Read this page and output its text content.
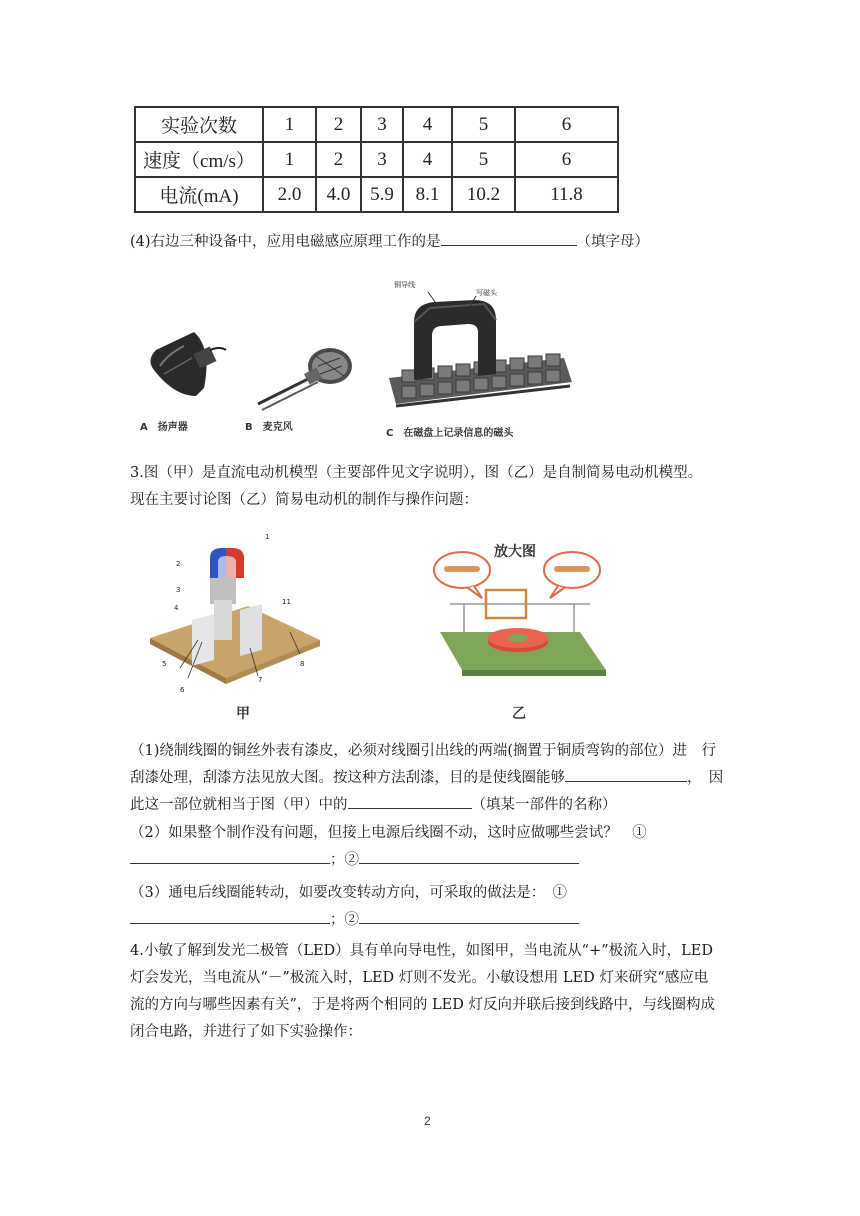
实验次数	1	2	3	4	5	6
速度（cm/s）	1	2	3	4	5	6
电流(mA)	2.0	4.0	5.9	8.1	10.2	11.8
(4)右边三种设备中，应用电磁感应原理工作的是	（填字母）
铜导线
写磁头
A　扬声器	B　麦克风
C　在磁盘上记录信息的磁头
3.图（甲）是直流电动机模型（主要部件见文字说明），图（乙）是自制简易电动机模型。
现在主要讨论图（乙）简易电动机的制作与操作问题：
1
2
3
4
5
6
7
8
11
甲
放大图
乙
（1)绕制线圈的铜丝外表有漆皮，必须对线圈引出线的两端(搁置于铜质弯钩的部位）进　行
刮漆处理，刮漆方法见放大图。按这种方法刮漆，目的是使线圈能够	，　因
此这一部位就相当于图（甲）中的	（填某一部件的名称）
（2）如果整个制作没有问题，但接上电源后线圈不动，这时应做哪些尝试？　①
；②
（3）通电后线圈能转动，如要改变转动方向，可采取的做法是：　①
；②
4.小敏了解到发光二极管（LED）具有单向导电性，如图甲，当电流从“+”极流入时，LED
灯会发光，当电流从“－”极流入时，LED 灯则不发光。小敏设想用 LED 灯来研究“感应电
流的方向与哪些因素有关”，于是将两个相同的 LED 灯反向并联后接到线路中，与线圈构成
闭合电路，并进行了如下实验操作：
2
